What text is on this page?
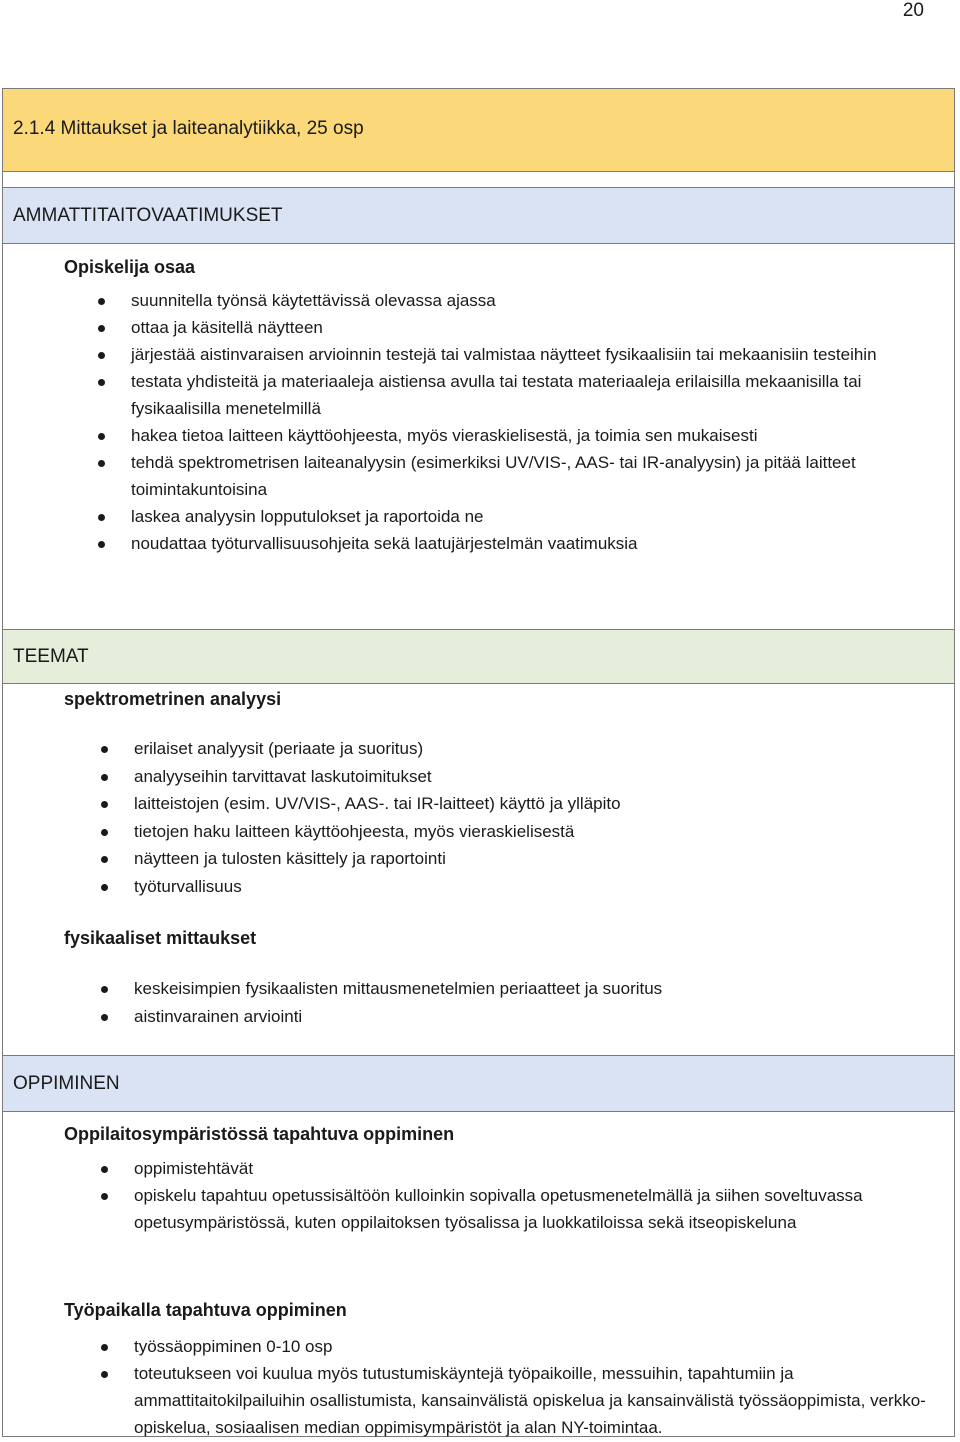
20
2.1.4 Mittaukset ja laiteanalytiikka, 25 osp
AMMATTITAITOVAATIMUKSET
Opiskelija osaa
suunnitella työnsä käytettävissä olevassa ajassa
ottaa ja käsitellä näytteen
järjestää aistinvaraisen arvioinnin testejä tai valmistaa näytteet fysikaalisiin tai mekaanisiin testeihin
testata yhdisteitä ja materiaaleja aistiensa avulla tai testata materiaaleja erilaisilla mekaanisilla tai fysikaalisilla menetelmillä
hakea tietoa laitteen käyttöohjeesta, myös vieraskielisestä, ja toimia sen mukaisesti
tehdä spektrometrisen laiteanalyysin (esimerkiksi UV/VIS-, AAS- tai IR-analyysin) ja pitää laitteet toimintakuntoisina
laskea analyysin lopputulokset ja raportoida ne
noudattaa työturvallisuusohjeita sekä laatujärjestelmän vaatimuksia
TEEMAT
spektrometrinen analyysi
erilaiset analyysit (periaate ja suoritus)
analyyseihin tarvittavat laskutoimitukset
laitteistojen (esim. UV/VIS-, AAS-. tai IR-laitteet) käyttö ja ylläpito
tietojen haku laitteen käyttöohjeesta, myös vieraskielisestä
näytteen ja tulosten käsittely ja raportointi
työturvallisuus
fysikaaliset mittaukset
keskeisimpien fysikaalisten mittausmenetelmien periaatteet ja suoritus
aistinvarainen arviointi
OPPIMINEN
Oppilaitosympäristössä tapahtuva oppiminen
oppimistehtävät
opiskelu tapahtuu opetussisältöön kulloinkin sopivalla opetusmenetelmällä ja siihen soveltuvassa opetusympäristössä, kuten oppilaitoksen työsalissa ja luokkatiloissa sekä itseopiskeluna
Työpaikalla tapahtuva oppiminen
työssäoppiminen 0-10 osp
toteutukseen voi kuulua myös tutustumiskäyntejä työpaikoille, messuihin, tapahtumiin ja ammattitaitokilpailuihin osallistumista, kansainvälistä opiskelua ja kansainvälistä työssäoppimista, verkko-opiskelua, sosiaalisen median oppimisympäristöt ja alan NY-toimintaa.
